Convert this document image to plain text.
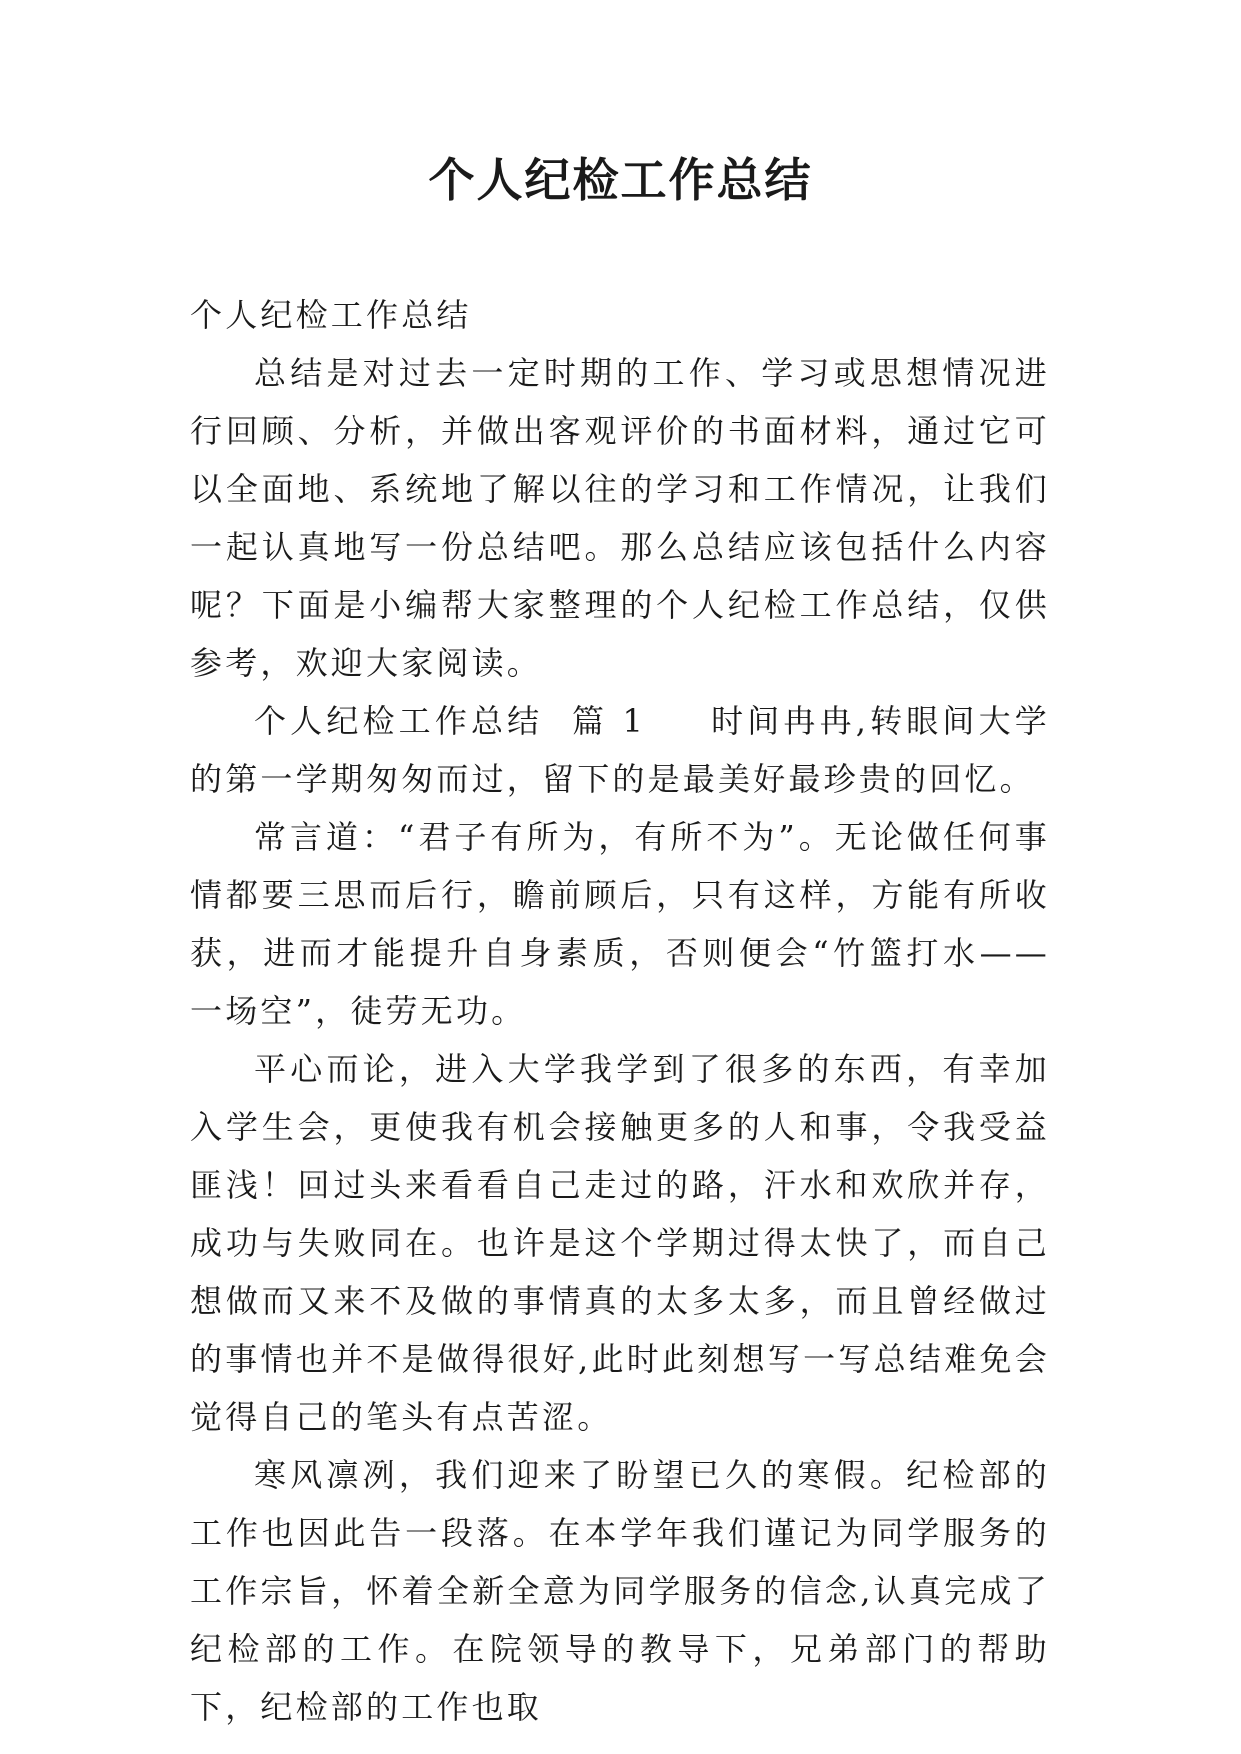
个人纪检工作总结

个人纪检工作总结

总结是对过去一定时期的工作、学习或思想情况进行回顾、分析，并做出客观评价的书面材料，通过它可以全面地、系统地了解以往的学习和工作情况，让我们一起认真地写一份总结吧。那么总结应该包括什么内容呢？下面是小编帮大家整理的个人纪检工作总结，仅供参考，欢迎大家阅读。

个人纪检工作总结  篇 1 时间冉冉,转眼间大学的第一学期匆匆而过，留下的是最美好最珍贵的回忆。

常言道：“君子有所为，有所不为”。无论做任何事情都要三思而后行，瞻前顾后，只有这样，方能有所收获，进而才能提升自身素质，否则便会“竹篮打水——一场空”，徒劳无功。

平心而论，进入大学我学到了很多的东西，有幸加入学生会，更使我有机会接触更多的人和事，令我受益匪浅！回过头来看看自己走过的路，汗水和欢欣并存，成功与失败同在。也许是这个学期过得太快了，而自己想做而又来不及做的事情真的太多太多，而且曾经做过的事情也并不是做得很好,此时此刻想写一写总结难免会觉得自己的笔头有点苦涩。

寒风凛冽，我们迎来了盼望已久的寒假。纪检部的工作也因此告一段落。在本学年我们谨记为同学服务的工作宗旨，怀着全新全意为同学服务的信念,认真完成了纪检部的工作。在院领导的教导下，兄弟部门的帮助下，纪检部的工作也取
